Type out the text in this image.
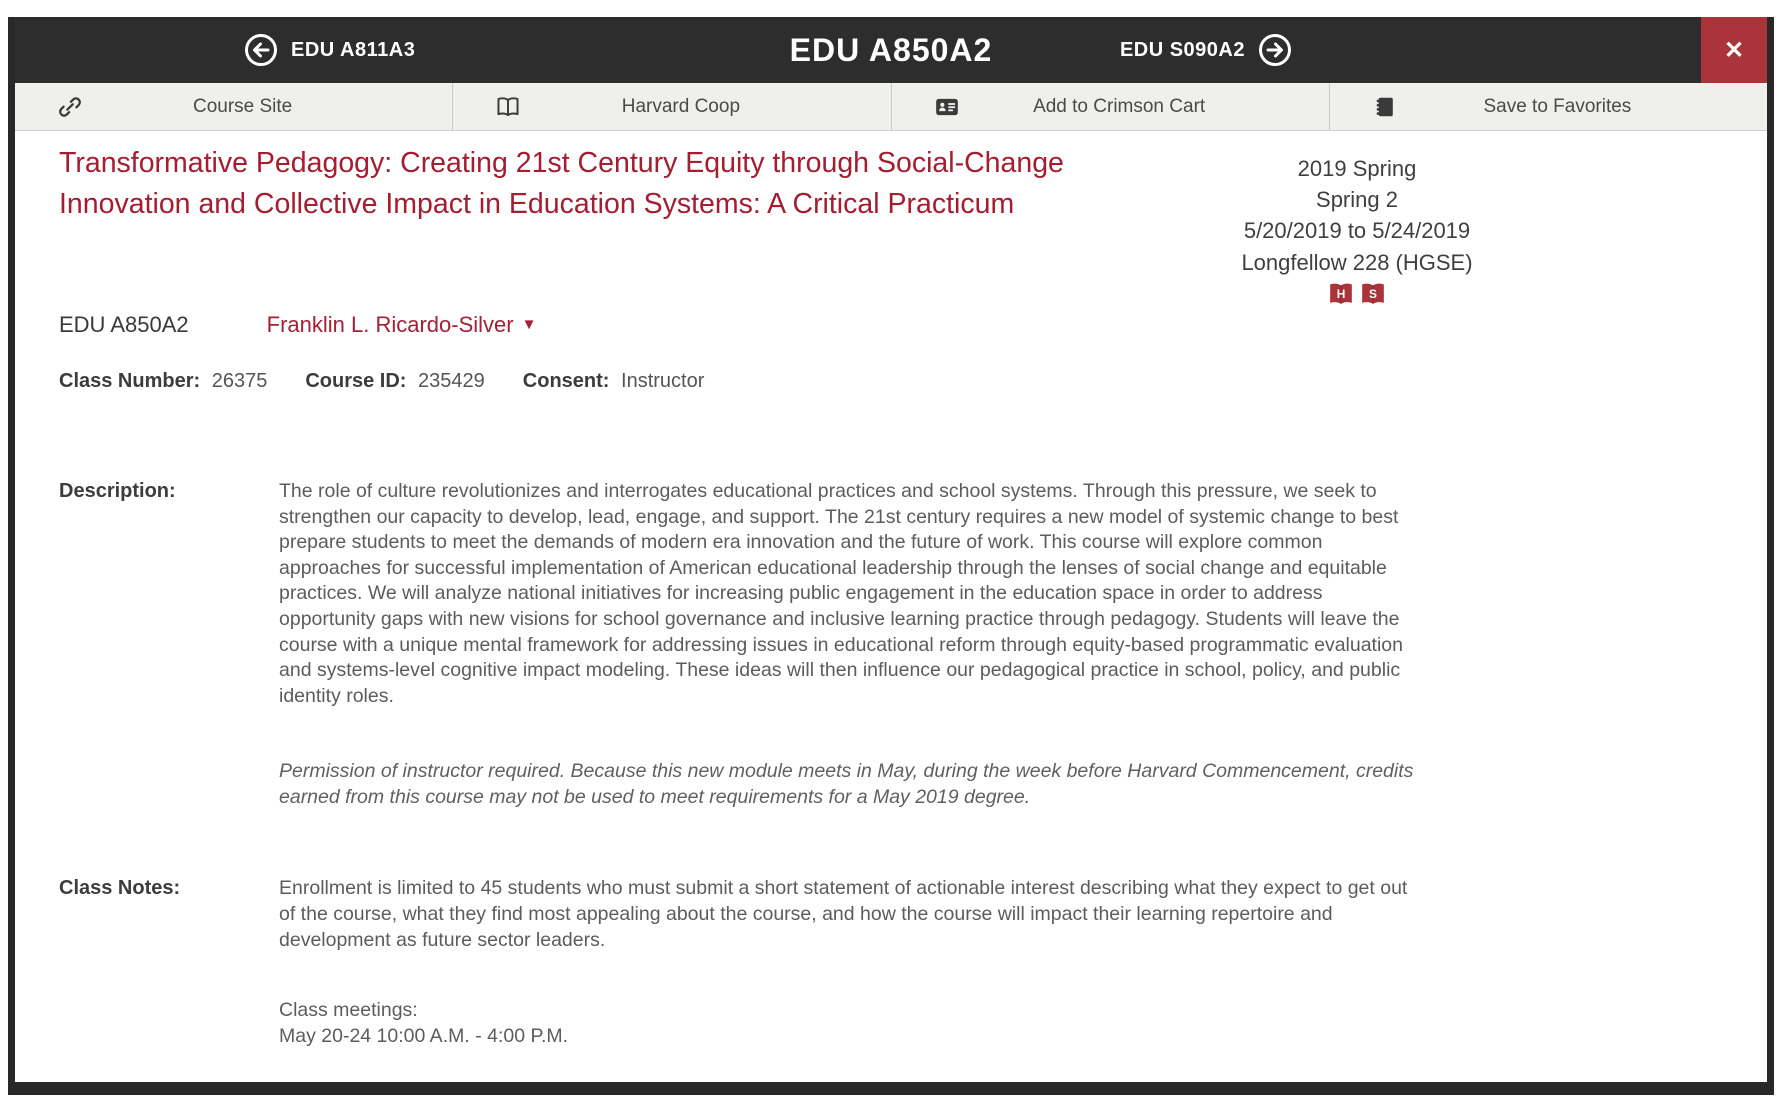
EDU A811A3	EDU A850A2	EDU S090A2	✕
Course Site	Harvard Coop	Add to Crimson Cart	Save to Favorites
Transformative Pedagogy: Creating 21st Century Equity through Social-Change Innovation and Collective Impact in Education Systems: A Critical Practicum
2019 Spring
Spring 2
5/20/2019 to 5/24/2019
Longfellow 228 (HGSE)
H S
EDU A850A2	Franklin L. Ricardo-Silver ▼
Class Number: 26375 Course ID: 235429 Consent: Instructor
Description:	The role of culture revolutionizes and interrogates educational practices and school systems. Through this pressure, we seek to strengthen our capacity to develop, lead, engage, and support. The 21st century requires a new model of systemic change to best prepare students to meet the demands of modern era innovation and the future of work. This course will explore common approaches for successful implementation of American educational leadership through the lenses of social change and equitable practices. We will analyze national initiatives for increasing public engagement in the education space in order to address opportunity gaps with new visions for school governance and inclusive learning practice through pedagogy. Students will leave the course with a unique mental framework for addressing issues in educational reform through equity-based programmatic evaluation and systems-level cognitive impact modeling. These ideas will then influence our pedagogical practice in school, policy, and public identity roles.

Permission of instructor required. Because this new module meets in May, during the week before Harvard Commencement, credits earned from this course may not be used to meet requirements for a May 2019 degree.

Class Notes:	Enrollment is limited to 45 students who must submit a short statement of actionable interest describing what they expect to get out of the course, what they find most appealing about the course, and how the course will impact their learning repertoire and development as future sector leaders.

Class meetings:

May 20-24 10:00 A.M. - 4:00 P.M.
